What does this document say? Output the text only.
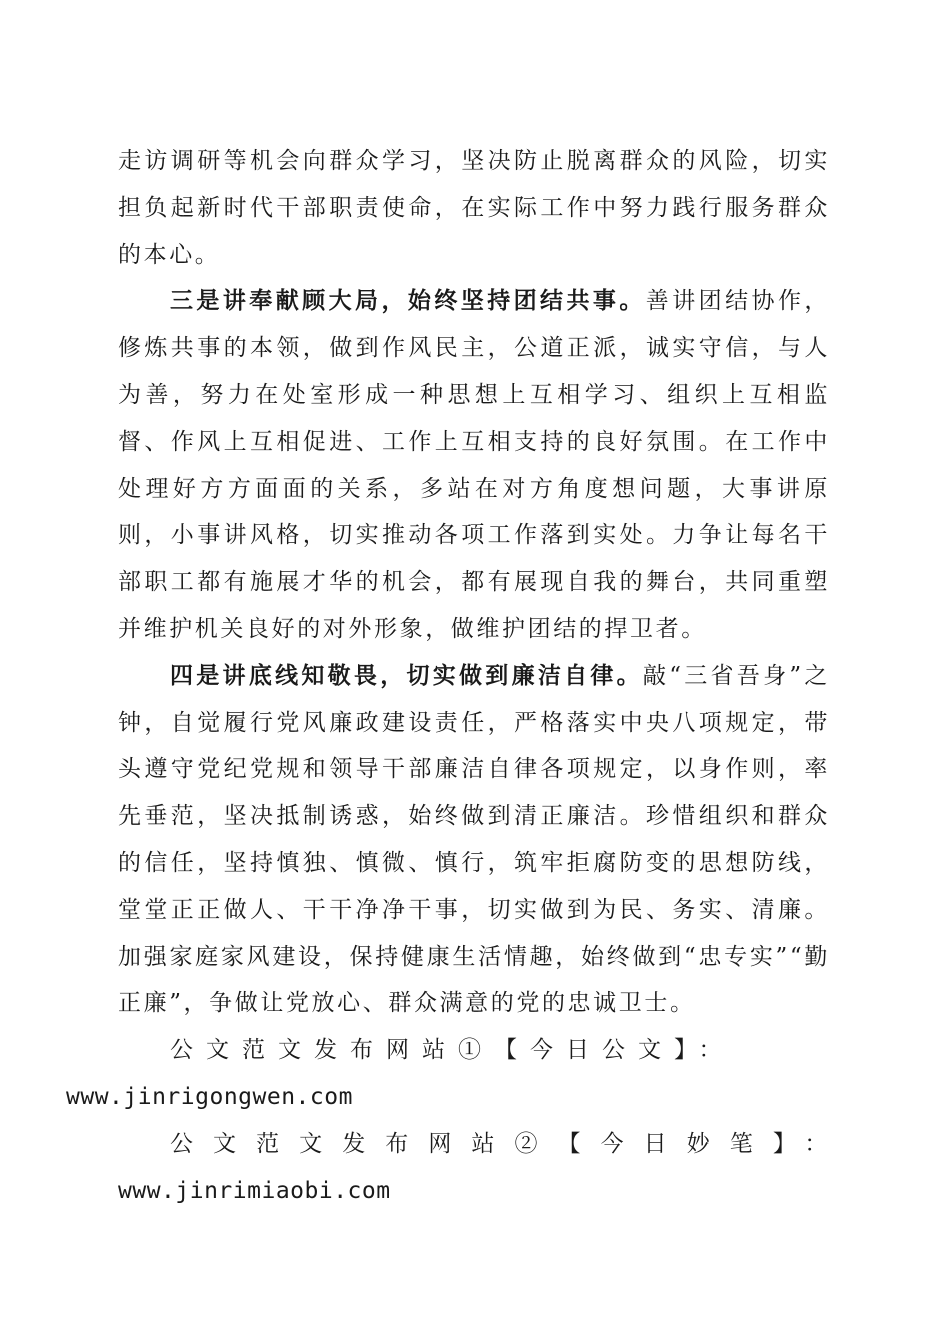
走访调研等机会向群众学习，坚决防止脱离群众的风险，切实担负起新时代干部职责使命，在实际工作中努力践行服务群众的本心。

三是讲奉献顾大局，始终坚持团结共事。善讲团结协作，修炼共事的本领，做到作风民主，公道正派，诚实守信，与人为善，努力在处室形成一种思想上互相学习、组织上互相监督、作风上互相促进、工作上互相支持的良好氛围。在工作中处理好方方面面的关系，多站在对方角度想问题，大事讲原则，小事讲风格，切实推动各项工作落到实处。力争让每名干部职工都有施展才华的机会，都有展现自我的舞台，共同重塑并维护机关良好的对外形象，做维护团结的捍卫者。

四是讲底线知敬畏，切实做到廉洁自律。敲“三省吾身”之钟，自觉履行党风廉政建设责任，严格落实中央八项规定，带头遵守党纪党规和领导干部廉洁自律各项规定，以身作则，率先垂范，坚决抵制诱惑，始终做到清正廉洁。珍惜组织和群众的信任，坚持慎独、慎微、慎行，筑牢拒腐防变的思想防线，堂堂正正做人、干干净净干事，切实做到为民、务实、清廉。加强家庭家风建设，保持健康生活情趣，始终做到“忠专实”“勤正廉”，争做让党放心、群众满意的党的忠诚卫士。

公文范文发布网站①【今日公文】：
www.jinrigongwen.com

公文范文发布网站②【今日妙笔】：www.jinrimiaobi.com
